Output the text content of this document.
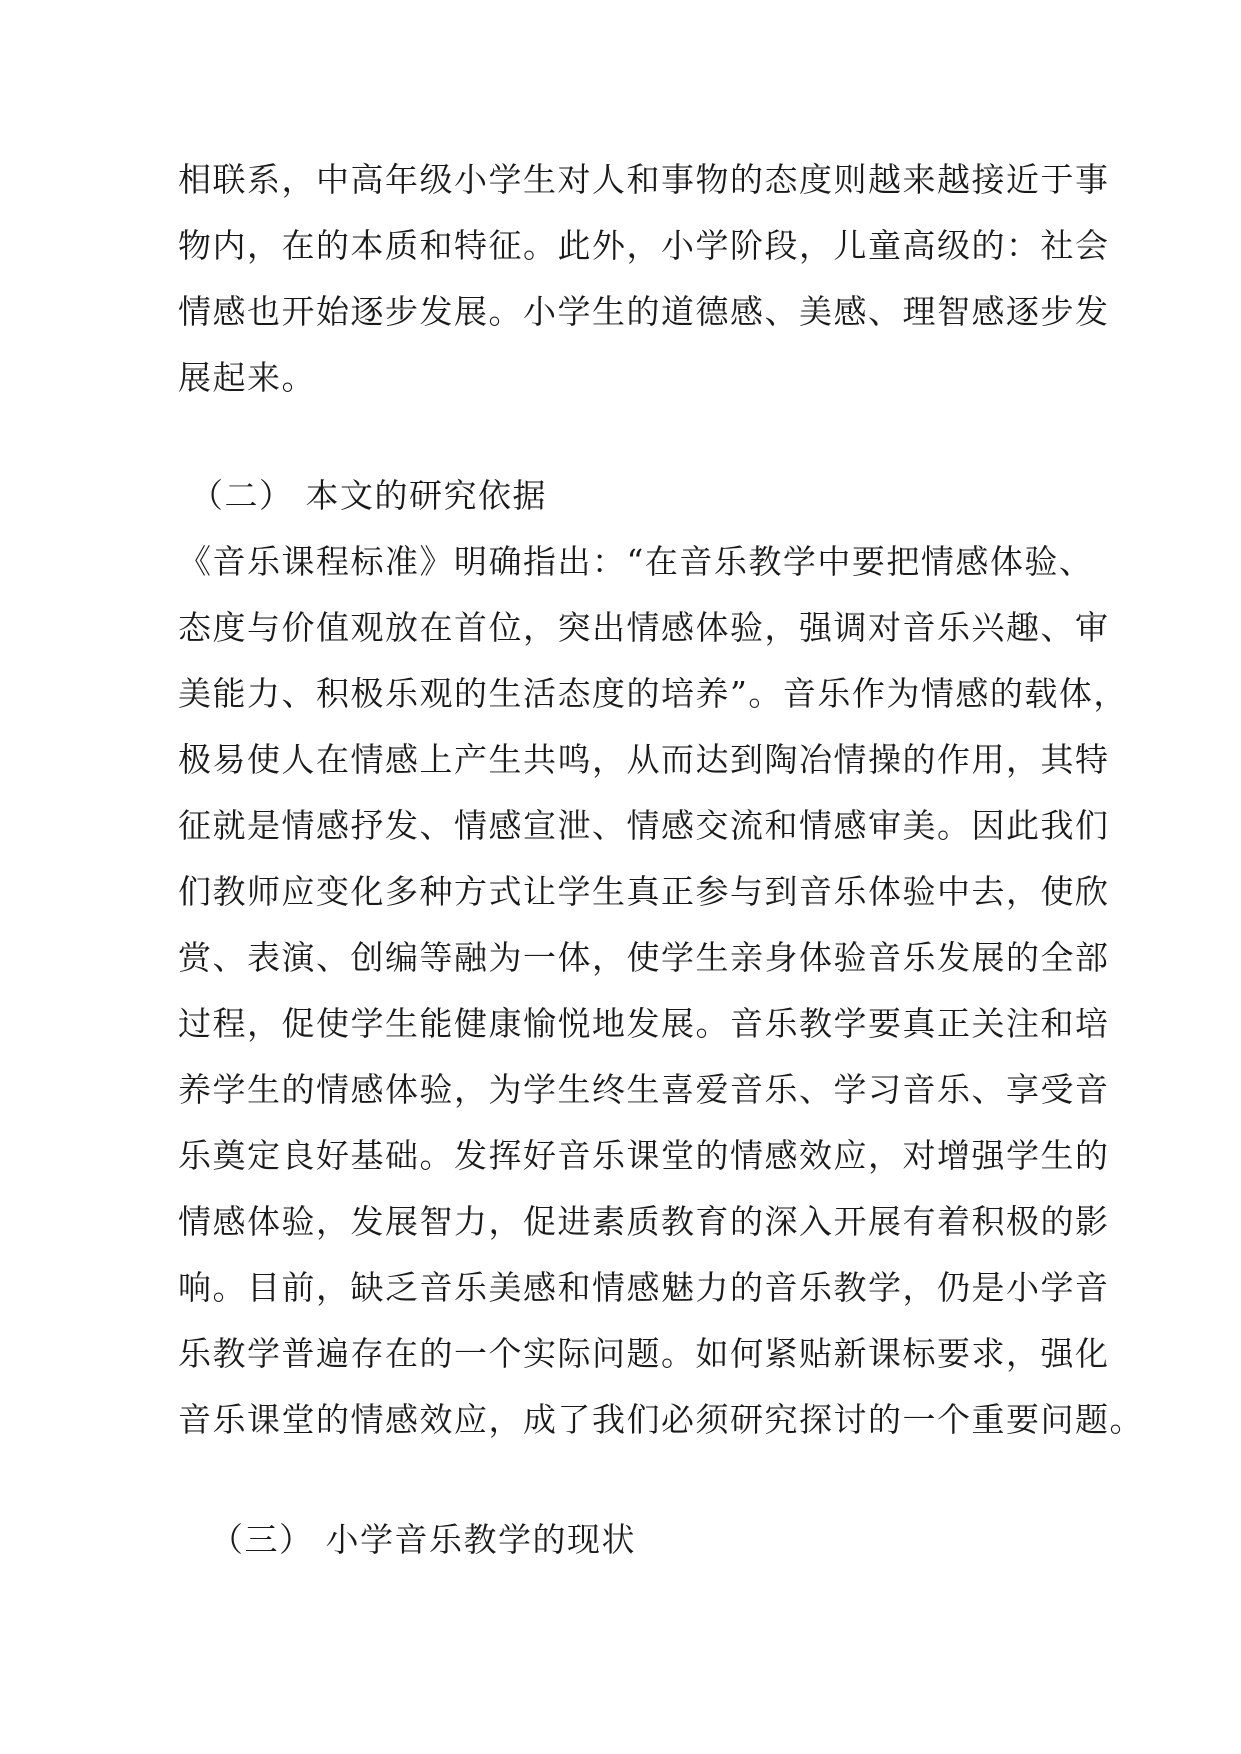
相联系，中高年级小学生对人和事物的态度则越来越接近于事
物内，在的本质和特征。此外，小学阶段，儿童高级的：社会
情感也开始逐步发展。小学生的道德感、美感、理智感逐步发
展起来。
（二） 本文的研究依据
《音乐课程标准》明确指出：“在音乐教学中要把情感体验、
态度与价值观放在首位，突出情感体验，强调对音乐兴趣、审
美能力、积极乐观的生活态度的培养”。音乐作为情感的载体，
极易使人在情感上产生共鸣，从而达到陶冶情操的作用，其特
征就是情感抒发、情感宣泄、情感交流和情感审美。因此我们
们教师应变化多种方式让学生真正参与到音乐体验中去，使欣
赏、表演、创编等融为一体，使学生亲身体验音乐发展的全部
过程，促使学生能健康愉悦地发展。音乐教学要真正关注和培
养学生的情感体验，为学生终生喜爱音乐、学习音乐、享受音
乐奠定良好基础。发挥好音乐课堂的情感效应，对增强学生的
情感体验，发展智力，促进素质教育的深入开展有着积极的影
响。目前，缺乏音乐美感和情感魅力的音乐教学，仍是小学音
乐教学普遍存在的一个实际问题。如何紧贴新课标要求，强化
音乐课堂的情感效应，成了我们必须研究探讨的一个重要问题。
（三） 小学音乐教学的现状
